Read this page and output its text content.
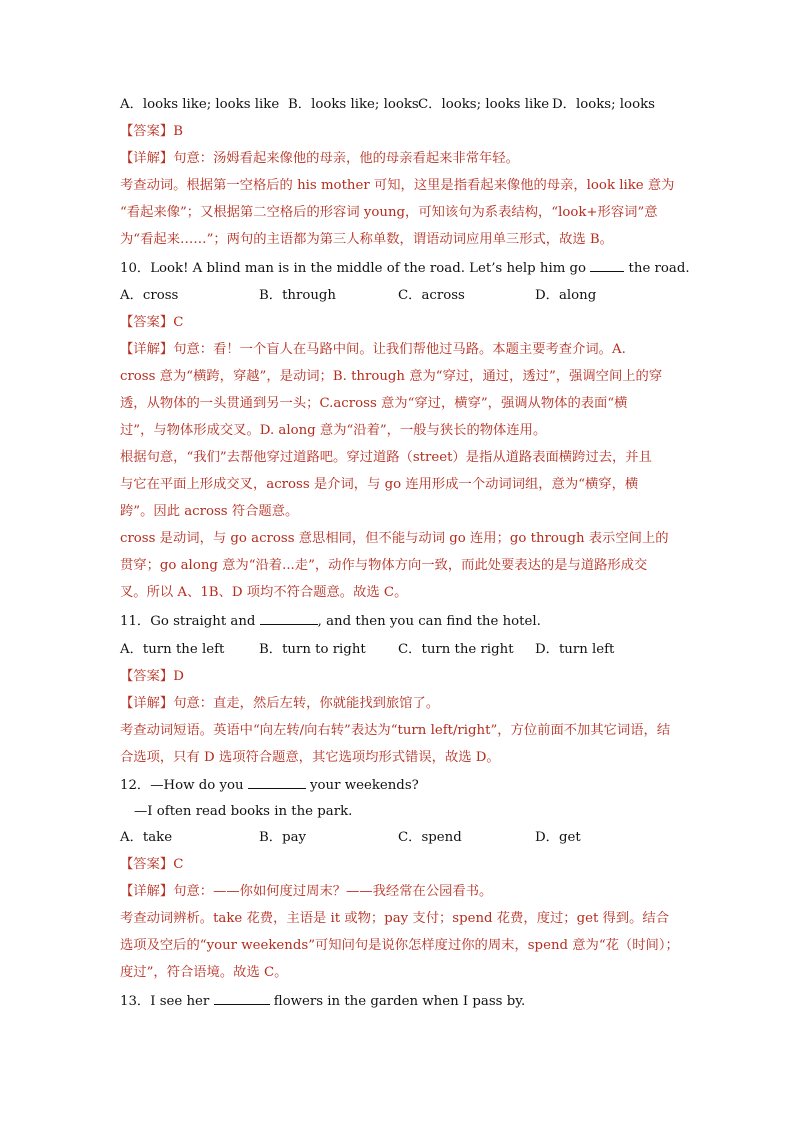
A．looks like; looks like B．looks like; looks C．looks; looks like D．looks; looks
【答案】B
【详解】句意：汤姆看起来像他的母亲，他的母亲看起来非常年轻。
考查动词。根据第一空格后的 his mother 可知，这里是指看起来像他的母亲，look like 意为
“看起来像”；又根据第二空格后的形容词 young，可知该句为系表结构，“look+形容词”意
为“看起来……”；两句的主语都为第三人称单数，谓语动词应用单三形式，故选 B。
10．Look! A blind man is in the middle of the road. Let’s help him go	the road.
A．cross	B．through	C．across	D．along
【答案】C
【详解】句意：看！一个盲人在马路中间。让我们帮他过马路。本题主要考查介词。A.
cross 意为“横跨，穿越”，是动词；B. through 意为“穿过，通过，透过”，强调空间上的穿
透，从物体的一头贯通到另一头；C.across 意为“穿过，横穿”，强调从物体的表面“横
过”，与物体形成交叉。D. along 意为“沿着”，一般与狭长的物体连用。
根据句意，“我们”去帮他穿过道路吧。穿过道路（street）是指从道路表面横跨过去，并且
与它在平面上形成交叉，across 是介词，与 go 连用形成一个动词词组，意为“横穿，横
跨”。因此 across 符合题意。
cross 是动词，与 go across 意思相同，但不能与动词 go 连用；go through 表示空间上的
贯穿；go along 意为“沿着...走”，动作与物体方向一致，而此处要表达的是与道路形成交
叉。所以 A、1B、D 项均不符合题意。故选 C。
11．Go straight and	, and then you can find the hotel.
A．turn the left	B．turn to right C．turn the right D．turn left
【答案】D
【详解】句意：直走，然后左转，你就能找到旅馆了。
考查动词短语。英语中“向左转/向右转”表达为“turn left/right”，方位前面不加其它词语，结
合选项，只有 D 选项符合题意，其它选项均形式错误，故选 D。
12．—How do you	your weekends?
—I often read books in the park.
A．take	B．pay	C．spend	D．get
【答案】C
【详解】句意：——你如何度过周末？——我经常在公园看书。
考查动词辨析。take 花费，主语是 it 或物；pay 支付；spend 花费，度过；get 得到。结合
选项及空后的“your weekends”可知问句是说你怎样度过你的周末，spend 意为“花（时间）；
度过”，符合语境。故选 C。
13．I see her	flowers in the garden when I pass by.
